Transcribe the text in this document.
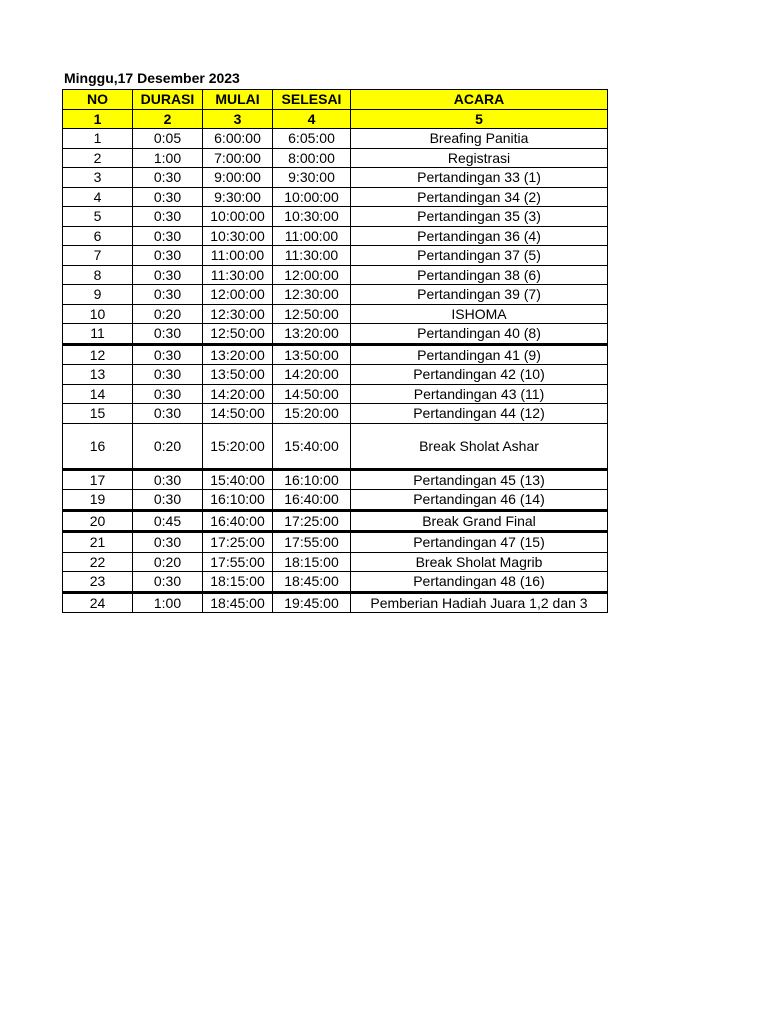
Minggu,17 Desember 2023
NO	DURASI	MULAI	SELESAI	ACARA
1	2	3	4	5
1	0:05	6:00:00	6:05:00	Breafing Panitia
2	1:00	7:00:00	8:00:00	Registrasi
3	0:30	9:00:00	9:30:00	Pertandingan 33 (1)
4	0:30	9:30:00	10:00:00	Pertandingan 34 (2)
5	0:30	10:00:00	10:30:00	Pertandingan 35 (3)
6	0:30	10:30:00	11:00:00	Pertandingan 36 (4)
7	0:30	11:00:00	11:30:00	Pertandingan 37 (5)
8	0:30	11:30:00	12:00:00	Pertandingan 38 (6)
9	0:30	12:00:00	12:30:00	Pertandingan 39 (7)
10	0:20	12:30:00	12:50:00	ISHOMA
11	0:30	12:50:00	13:20:00	Pertandingan 40 (8)
12	0:30	13:20:00	13:50:00	Pertandingan 41 (9)
13	0:30	13:50:00	14:20:00	Pertandingan 42 (10)
14	0:30	14:20:00	14:50:00	Pertandingan 43 (11)
15	0:30	14:50:00	15:20:00	Pertandingan 44 (12)
16	0:20	15:20:00	15:40:00	Break Sholat Ashar
17	0:30	15:40:00	16:10:00	Pertandingan 45 (13)
19	0:30	16:10:00	16:40:00	Pertandingan 46 (14)
20	0:45	16:40:00	17:25:00	Break Grand Final
21	0:30	17:25:00	17:55:00	Pertandingan 47 (15)
22	0:20	17:55:00	18:15:00	Break Sholat Magrib
23	0:30	18:15:00	18:45:00	Pertandingan 48 (16)
24	1:00	18:45:00	19:45:00	Pemberian Hadiah Juara 1,2 dan 3
